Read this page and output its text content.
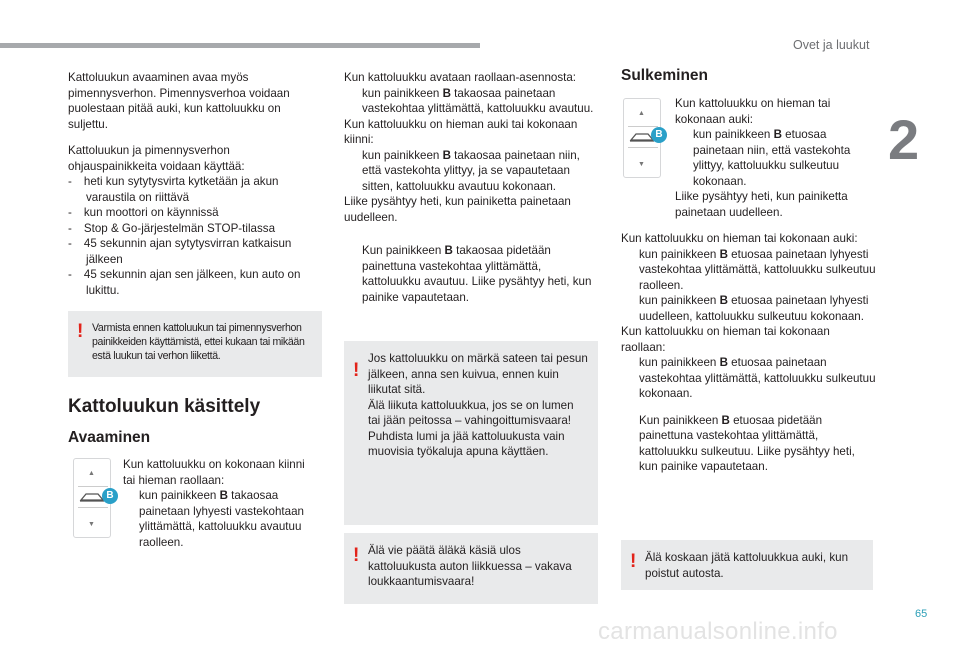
Ovet ja luukut
2
65
carmanualsonline.info

Kattoluukun avaaminen avaa myös pimennysverhon. Pimennysverhoa voidaan puolestaan pitää auki, kun kattoluukku on suljettu.

Kattoluukun ja pimennysverhon ohjauspainikkeita voidaan käyttää:

- heti kun sytytysvirta kytketään ja akun varaustila on riittävä
- kun moottori on käynnissä
- Stop & Go-järjestelmän STOP-tilassa
- 45 sekunnin ajan sytytysvirran katkaisun jälkeen
- 45 sekunnin ajan sen jälkeen, kun auto on lukittu.
! Varmista ennen kattoluukun tai pimennysverhon painikkeiden käyttämistä, ettei kukaan tai mikään estä luukun tai verhon liikettä.

Kattoluukun käsittely
Avaaminen
▲
▼
B

Kun kattoluukku on kokonaan kiinni tai hieman raollaan:

kun painikkeen B takaosaa painetaan lyhyesti vastekohtaan ylittämättä, kattoluukku avautuu raolleen.

Kun kattoluukku avataan raollaan-asennosta:

kun painikkeen B takaosaa painetaan vastekohtaa ylittämättä, kattoluukku avautuu.

Kun kattoluukku on hieman auki tai kokonaan kiinni:

kun painikkeen B takaosaa painetaan niin, että vastekohta ylittyy, ja se vapautetaan sitten, kattoluukku avautuu kokonaan.

Liike pysähtyy heti, kun painiketta painetaan uudelleen.

Kun painikkeen B takaosaa pidetään painettuna vastekohtaa ylittämättä, kattoluukku avautuu. Liike pysähtyy heti, kun painike vapautetaan.
!

Jos kattoluukku on märkä sateen tai pesun jälkeen, anna sen kuivua, ennen kuin liikutat sitä.

Älä liikuta kattoluukkua, jos se on lumen tai jään peitossa – vahingoittumisvaara! Puhdista lumi ja jää kattoluukusta vain muovisia työkaluja apuna käyttäen.

! Älä vie päätä äläkä käsiä ulos kattoluukusta auton liikkuessa – vakava loukkaantumisvaara!

Sulkeminen
▲
▼
B

Kun kattoluukku on hieman tai kokonaan auki:

kun painikkeen B etuosaa painetaan niin, että vastekohta ylittyy, kattoluukku sulkeutuu kokonaan.

Liike pysähtyy heti, kun painiketta painetaan uudelleen.

Kun kattoluukku on hieman tai kokonaan auki:

kun painikkeen B etuosaa painetaan lyhyesti vastekohtaa ylittämättä, kattoluukku sulkeutuu raolleen.
kun painikkeen B etuosaa painetaan lyhyesti uudelleen, kattoluukku sulkeutuu kokonaan.

Kun kattoluukku on hieman tai kokonaan raollaan:

kun painikkeen B etuosaa painetaan vastekohtaa ylittämättä, kattoluukku sulkeutuu kokonaan.
Kun painikkeen B etuosaa pidetään painettuna vastekohtaa ylittämättä, kattoluukku sulkeutuu. Liike pysähtyy heti, kun painike vapautetaan.
! Älä koskaan jätä kattoluukkua auki, kun poistut autosta.
